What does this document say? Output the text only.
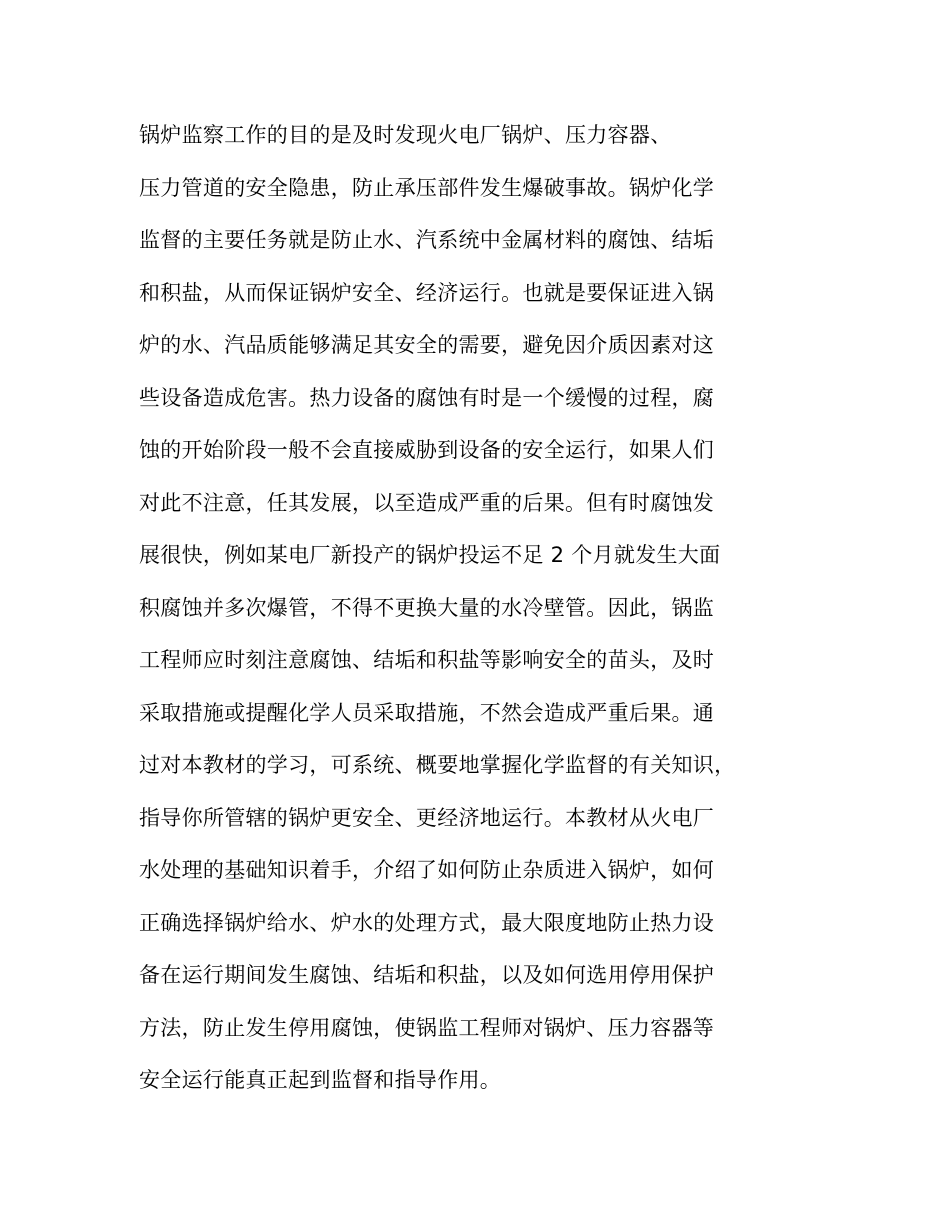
锅炉监察工作的目的是及时发现火电厂锅炉、压力容器、
压力管道的安全隐患，防止承压部件发生爆破事故。锅炉化学
监督的主要任务就是防止水、汽系统中金属材料的腐蚀、结垢
和积盐，从而保证锅炉安全、经济运行。也就是要保证进入锅
炉的水、汽品质能够满足其安全的需要，避免因介质因素对这
些设备造成危害。热力设备的腐蚀有时是一个缓慢的过程，腐
蚀的开始阶段一般不会直接威胁到设备的安全运行，如果人们
对此不注意，任其发展，以至造成严重的后果。但有时腐蚀发
展很快，例如某电厂新投产的锅炉投运不足 2 个月就发生大面
积腐蚀并多次爆管，不得不更换大量的水冷壁管。因此，锅监
工程师应时刻注意腐蚀、结垢和积盐等影响安全的苗头，及时
采取措施或提醒化学人员采取措施，不然会造成严重后果。通
过对本教材的学习，可系统、概要地掌握化学监督的有关知识，
指导你所管辖的锅炉更安全、更经济地运行。本教材从火电厂
水处理的基础知识着手，介绍了如何防止杂质进入锅炉，如何
正确选择锅炉给水、炉水的处理方式，最大限度地防止热力设
备在运行期间发生腐蚀、结垢和积盐，以及如何选用停用保护
方法，防止发生停用腐蚀，使锅监工程师对锅炉、压力容器等
安全运行能真正起到监督和指导作用。
